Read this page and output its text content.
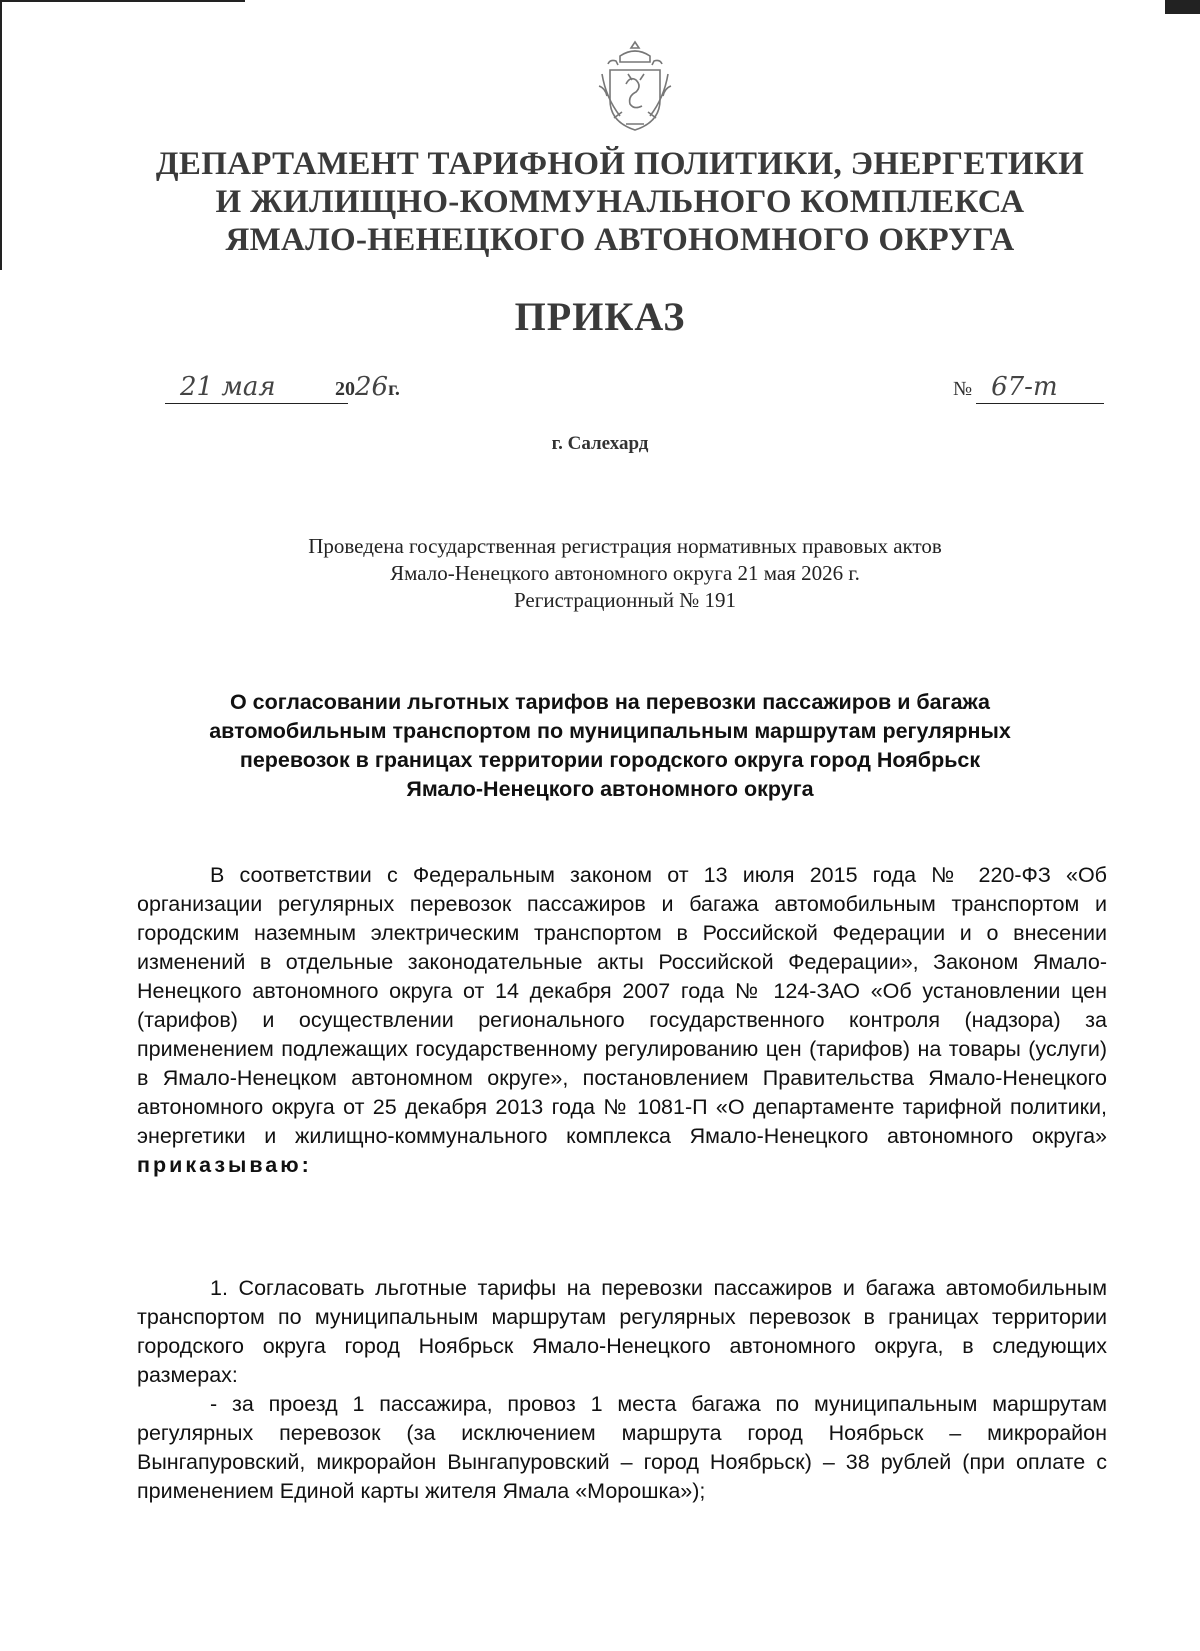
ДЕПАРТАМЕНТ ТАРИФНОЙ ПОЛИТИКИ, ЭНЕРГЕТИКИ
И ЖИЛИЩНО-КОММУНАЛЬНОГО КОМПЛЕКСА
ЯМАЛО-НЕНЕЦКОГО АВТОНОМНОГО ОКРУГА
ПРИКАЗ
21 мая	2026г.	№ 67-т
г. Салехард
Проведена государственная регистрация нормативных правовых актов
Ямало-Ненецкого автономного округа 21 мая 2026 г.
Регистрационный № 191
О согласовании льготных тарифов на перевозки пассажиров и багажа
автомобильным транспортом по муниципальным маршрутам регулярных
перевозок в границах территории городского округа город Ноябрьск
Ямало-Ненецкого автономного округа
В соответствии с Федеральным законом от 13 июля 2015 года № 220-ФЗ «Об организации регулярных перевозок пассажиров и багажа автомобильным транспортом и городским наземным электрическим транспортом в Российской Федерации и о внесении изменений в отдельные законодательные акты Российской Федерации», Законом Ямало-Ненецкого автономного округа от 14 декабря 2007 года № 124-ЗАО «Об установлении цен (тарифов) и осуществлении регионального государственного контроля (надзора) за применением подлежащих государственному регулированию цен (тарифов) на товары (услуги) в Ямало-Ненецком автономном округе», постановлением Правительства Ямало-Ненецкого автономного округа от 25 декабря 2013 года № 1081-П «О департаменте тарифной политики, энергетики и жилищно-коммунального комплекса Ямало-Ненецкого автономного округа» приказываю:
1. Согласовать льготные тарифы на перевозки пассажиров и багажа автомобильным транспортом по муниципальным маршрутам регулярных перевозок в границах территории городского округа город Ноябрьск Ямало-Ненецкого автономного округа, в следующих размерах:
- за проезд 1 пассажира, провоз 1 места багажа по муниципальным маршрутам регулярных перевозок (за исключением маршрута город Ноябрьск – микрорайон Вынгапуровский, микрорайон Вынгапуровский – город Ноябрьск) – 38 рублей (при оплате с применением Единой карты жителя Ямала «Морошка»);
